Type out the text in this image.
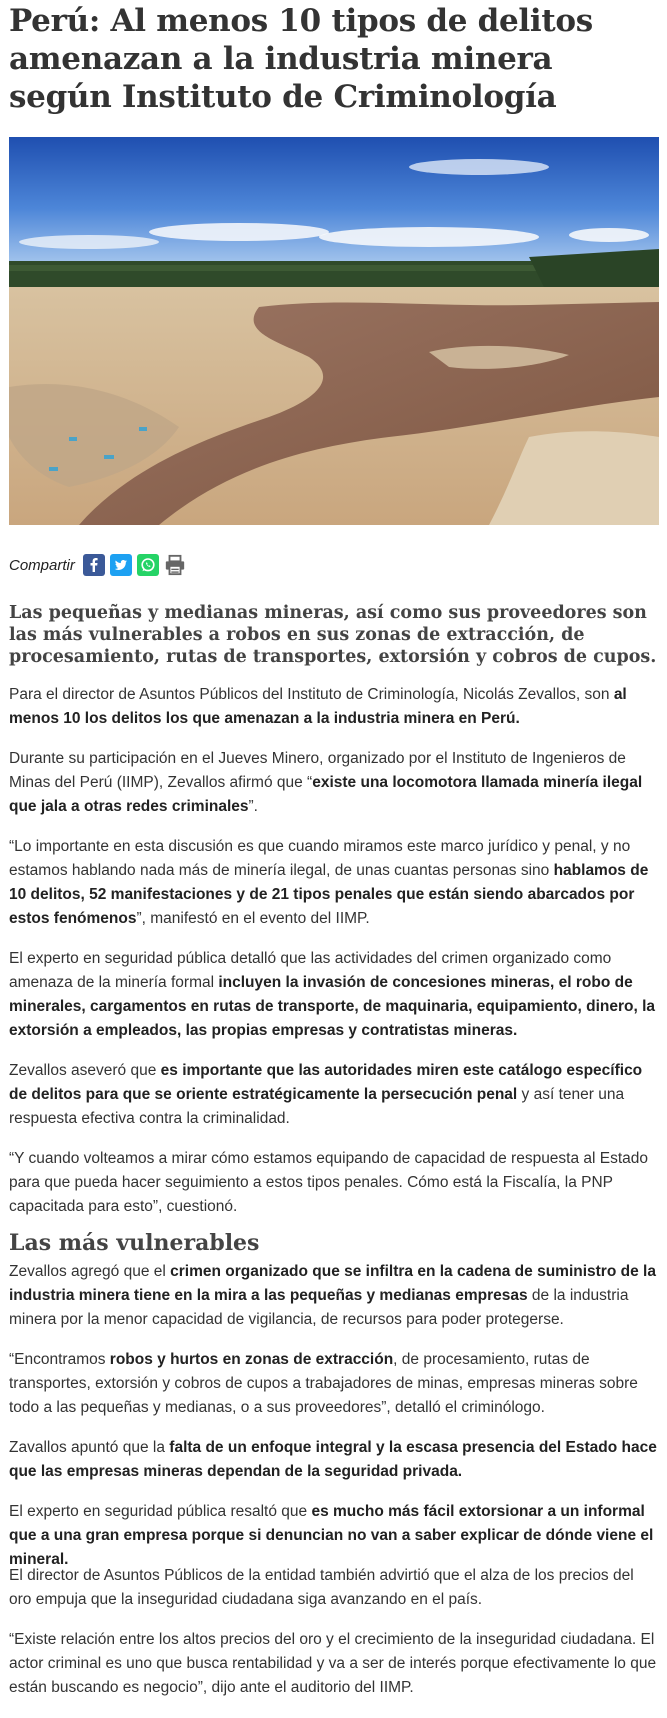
Perú: Al menos 10 tipos de delitos amenazan a la industria minera según Instituto de Criminología
Compartir

Las pequeñas y medianas mineras, así como sus proveedores son las más vulnerables a robos en sus zonas de extracción, de procesamiento, rutas de transportes, extorsión y cobros de cupos.

Para el director de Asuntos Públicos del Instituto de Criminología, Nicolás Zevallos, son al menos 10 los delitos los que amenazan a la industria minera en Perú.

Durante su participación en el Jueves Minero, organizado por el Instituto de Ingenieros de Minas del Perú (IIMP), Zevallos afirmó que “existe una locomotora llamada minería ilegal que jala a otras redes criminales”.

“Lo importante en esta discusión es que cuando miramos este marco jurídico y penal, y no estamos hablando nada más de minería ilegal, de unas cuantas personas sino hablamos de 10 delitos, 52 manifestaciones y de 21 tipos penales que están siendo abarcados por estos fenómenos”, manifestó en el evento del IIMP.

El experto en seguridad pública detalló que las actividades del crimen organizado como amenaza de la minería formal incluyen la invasión de concesiones mineras, el robo de minerales, cargamentos en rutas de transporte, de maquinaria, equipamiento, dinero, la extorsión a empleados, las propias empresas y contratistas mineras.

Zevallos aseveró que es importante que las autoridades miren este catálogo específico de delitos para que se oriente estratégicamente la persecución penal y así tener una respuesta efectiva contra la criminalidad.

“Y cuando volteamos a mirar cómo estamos equipando de capacidad de respuesta al Estado para que pueda hacer seguimiento a estos tipos penales. Cómo está la Fiscalía, la PNP capacitada para esto”, cuestionó.

Las más vulnerables

Zevallos agregó que el crimen organizado que se infiltra en la cadena de suministro de la industria minera tiene en la mira a las pequeñas y medianas empresas de la industria minera por la menor capacidad de vigilancia, de recursos para poder protegerse.

“Encontramos robos y hurtos en zonas de extracción, de procesamiento, rutas de transportes, extorsión y cobros de cupos a trabajadores de minas, empresas mineras sobre todo a las pequeñas y medianas, o a sus proveedores”, detalló el criminólogo.

Zavallos apuntó que la falta de un enfoque integral y la escasa presencia del Estado hace que las empresas mineras dependan de la seguridad privada.

El experto en seguridad pública resaltó que es mucho más fácil extorsionar a un informal que a una gran empresa porque si denuncian no van a saber explicar de dónde viene el mineral.

El director de Asuntos Públicos de la entidad también advirtió que el alza de los precios del oro empuja que la inseguridad ciudadana siga avanzando en el país.

“Existe relación entre los altos precios del oro y el crecimiento de la inseguridad ciudadana. El actor criminal es uno que busca rentabilidad y va a ser de interés porque efectivamente lo que están buscando es negocio”, dijo ante el auditorio del IIMP.
